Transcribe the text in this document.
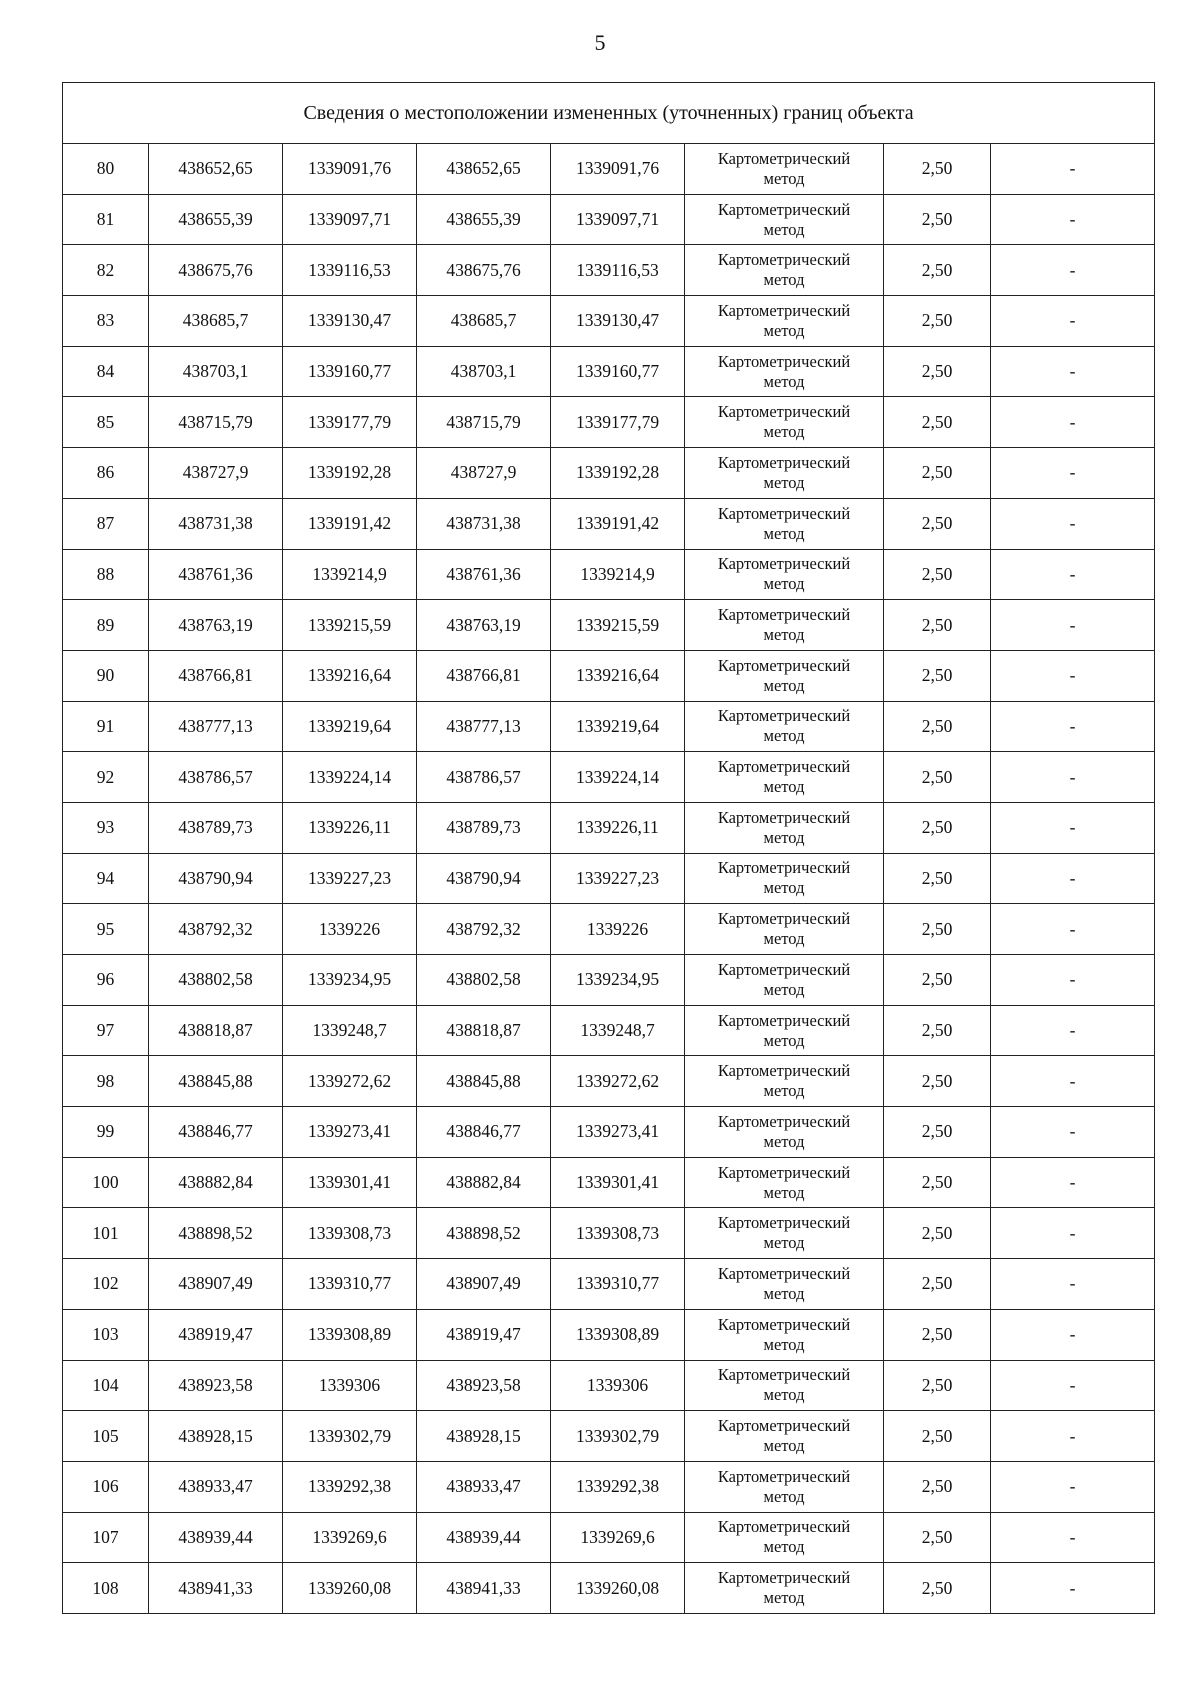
5
Сведения о местоположении измененных (уточненных) границ объекта							
80	438652,65	1339091,76	438652,65	1339091,76	Картометрический
метод	2,50	-
81	438655,39	1339097,71	438655,39	1339097,71	Картометрический
метод	2,50	-
82	438675,76	1339116,53	438675,76	1339116,53	Картометрический
метод	2,50	-
83	438685,7	1339130,47	438685,7	1339130,47	Картометрический
метод	2,50	-
84	438703,1	1339160,77	438703,1	1339160,77	Картометрический
метод	2,50	-
85	438715,79	1339177,79	438715,79	1339177,79	Картометрический
метод	2,50	-
86	438727,9	1339192,28	438727,9	1339192,28	Картометрический
метод	2,50	-
87	438731,38	1339191,42	438731,38	1339191,42	Картометрический
метод	2,50	-
88	438761,36	1339214,9	438761,36	1339214,9	Картометрический
метод	2,50	-
89	438763,19	1339215,59	438763,19	1339215,59	Картометрический
метод	2,50	-
90	438766,81	1339216,64	438766,81	1339216,64	Картометрический
метод	2,50	-
91	438777,13	1339219,64	438777,13	1339219,64	Картометрический
метод	2,50	-
92	438786,57	1339224,14	438786,57	1339224,14	Картометрический
метод	2,50	-
93	438789,73	1339226,11	438789,73	1339226,11	Картометрический
метод	2,50	-
94	438790,94	1339227,23	438790,94	1339227,23	Картометрический
метод	2,50	-
95	438792,32	1339226	438792,32	1339226	Картометрический
метод	2,50	-
96	438802,58	1339234,95	438802,58	1339234,95	Картометрический
метод	2,50	-
97	438818,87	1339248,7	438818,87	1339248,7	Картометрический
метод	2,50	-
98	438845,88	1339272,62	438845,88	1339272,62	Картометрический
метод	2,50	-
99	438846,77	1339273,41	438846,77	1339273,41	Картометрический
метод	2,50	-
100	438882,84	1339301,41	438882,84	1339301,41	Картометрический
метод	2,50	-
101	438898,52	1339308,73	438898,52	1339308,73	Картометрический
метод	2,50	-
102	438907,49	1339310,77	438907,49	1339310,77	Картометрический
метод	2,50	-
103	438919,47	1339308,89	438919,47	1339308,89	Картометрический
метод	2,50	-
104	438923,58	1339306	438923,58	1339306	Картометрический
метод	2,50	-
105	438928,15	1339302,79	438928,15	1339302,79	Картометрический
метод	2,50	-
106	438933,47	1339292,38	438933,47	1339292,38	Картометрический
метод	2,50	-
107	438939,44	1339269,6	438939,44	1339269,6	Картометрический
метод	2,50	-
108	438941,33	1339260,08	438941,33	1339260,08	Картометрический
метод	2,50	-
